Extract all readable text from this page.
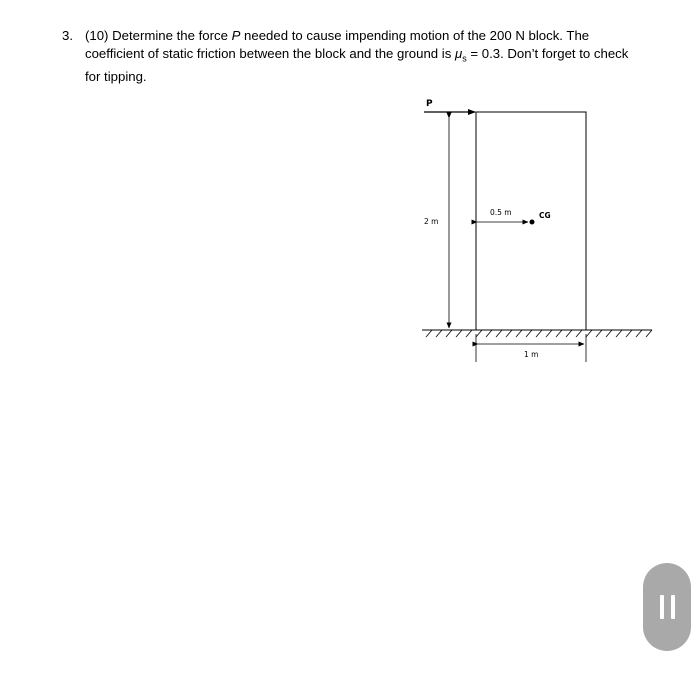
3. (10) Determine the force P needed to cause impending motion of the 200 N block. The
coefficient of static friction between the block and the ground is $\mu_s = 0.3$. Don’t forget to check
for tipping.
P
2 m
0.5 m	CG
1 m
